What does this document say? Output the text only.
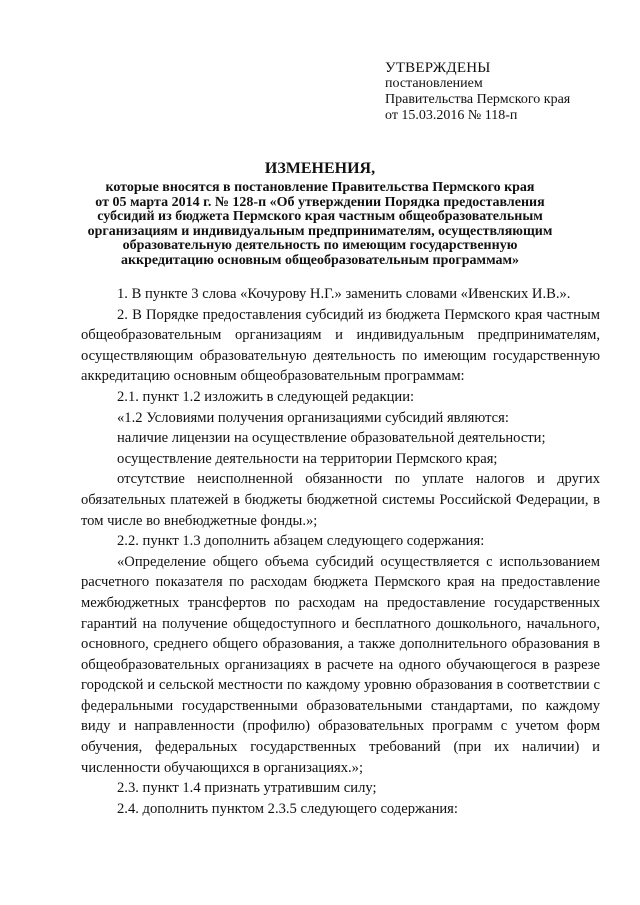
УТВЕРЖДЕНЫ
постановлением
Правительства Пермского края
от 15.03.2016 № 118-п
ИЗМЕНЕНИЯ,
которые вносятся в постановление Правительства Пермского края
от 05 марта 2014 г. № 128-п «Об утверждении Порядка предоставления
субсидий из бюджета Пермского края частным общеобразовательным
организациям и индивидуальным предпринимателям, осуществляющим
образовательную деятельность по имеющим государственную
аккредитацию основным общеобразовательным программам»

1. В пункте 3 слова «Кочурову Н.Г.» заменить словами «Ивенских И.В.».

2. В Порядке предоставления субсидий из бюджета Пермского края частным общеобразовательным организациям и индивидуальным предпринимателям, осуществляющим образовательную деятельность по имеющим государственную аккредитацию основным общеобразовательным программам:

2.1. пункт 1.2 изложить в следующей редакции:

«1.2 Условиями получения организациями субсидий являются:

наличие лицензии на осуществление образовательной деятельности;

осуществление деятельности на территории Пермского края;

отсутствие неисполненной обязанности по уплате налогов и других обязательных платежей в бюджеты бюджетной системы Российской Федерации, в том числе во внебюджетные фонды.»;

2.2. пункт 1.3 дополнить абзацем следующего содержания:

«Определение общего объема субсидий осуществляется с использованием расчетного показателя по расходам бюджета Пермского края на предоставление межбюджетных трансфертов по расходам на предоставление государственных гарантий на получение общедоступного и бесплатного дошкольного, начального, основного, среднего общего образования, а также дополнительного образования в общеобразовательных организациях в расчете на одного обучающегося в разрезе городской и сельской местности по каждому уровню образования в соответствии с федеральными государственными образовательными стандартами, по каждому виду и направленности (профилю) образовательных программ с учетом форм обучения, федеральных государственных требований (при их наличии) и численности обучающихся в организациях.»;

2.3. пункт 1.4 признать утратившим силу;

2.4. дополнить пунктом 2.3.5 следующего содержания:
